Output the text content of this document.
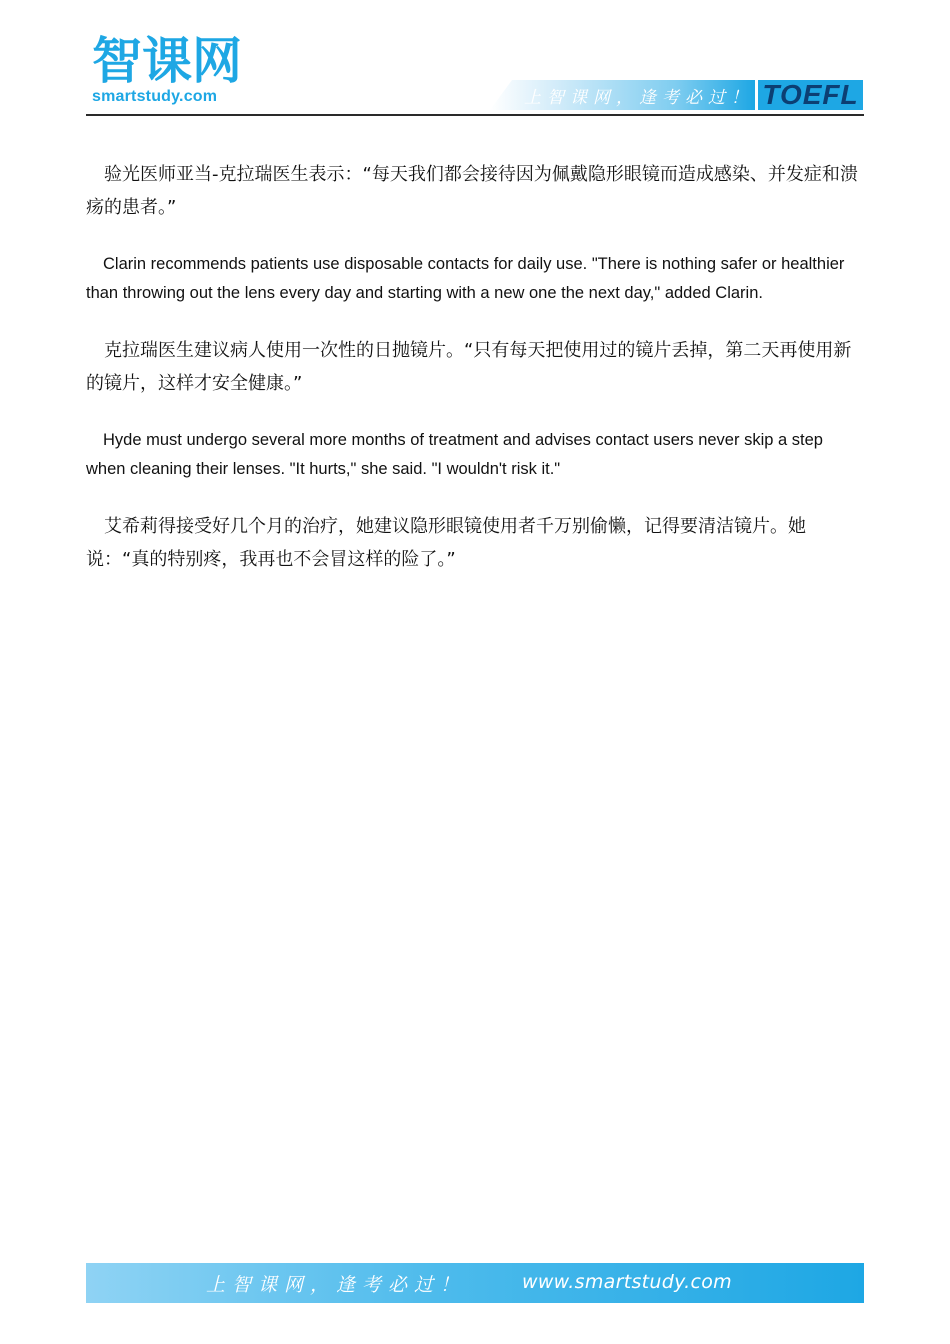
智课网
smartstudy.com	上智课网，逢考必过！ TOEFL

验光医师亚当-克拉瑞医生表示：“每天我们都会接待因为佩戴隐形眼镜而造成感染、并发症和溃疡的患者。”

Clarin recommends patients use disposable contacts for daily use. "There is nothing safer or healthier than throwing out the lens every day and starting with a new one the next day," added Clarin.

克拉瑞医生建议病人使用一次性的日抛镜片。“只有每天把使用过的镜片丢掉，第二天再使用新的镜片，这样才安全健康。”

Hyde must undergo several more months of treatment and advises contact users never skip a step when cleaning their lenses. "It hurts," she said. "I wouldn't risk it."

艾希莉得接受好几个月的治疗，她建议隐形眼镜使用者千万别偷懒，记得要清洁镜片。她说：“真的特别疼，我再也不会冒这样的险了。”

上智课网，逢考必过！	www.smartstudy.com
